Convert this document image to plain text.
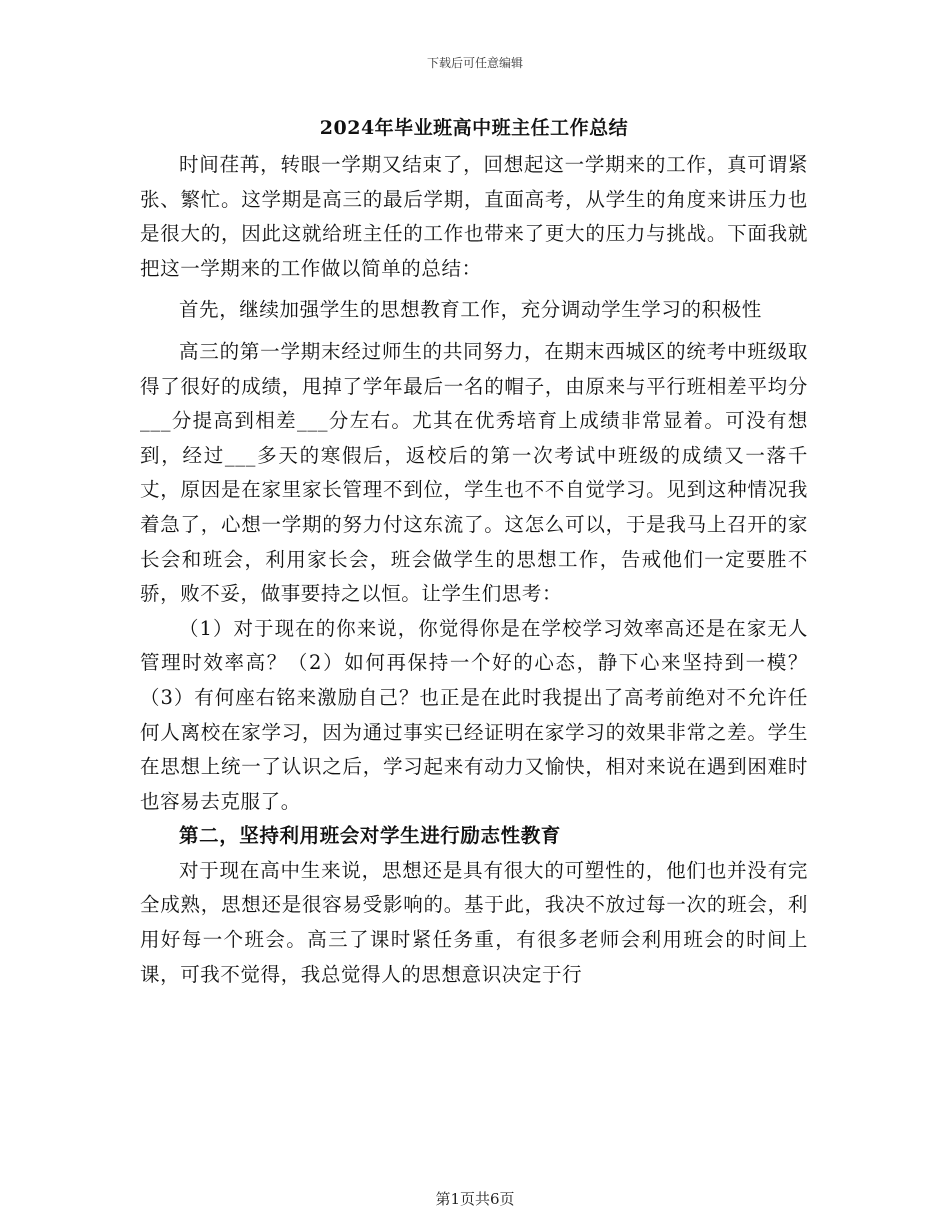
下载后可任意编辑
2024年毕业班高中班主任工作总结

时间荏苒，转眼一学期又结束了，回想起这一学期来的工作，真可谓紧张、繁忙。这学期是高三的最后学期，直面高考，从学生的角度来讲压力也是很大的，因此这就给班主任的工作也带来了更大的压力与挑战。下面我就把这一学期来的工作做以简单的总结：

首先，继续加强学生的思想教育工作，充分调动学生学习的积极性

高三的第一学期末经过师生的共同努力，在期末西城区的统考中班级取得了很好的成绩，甩掉了学年最后一名的帽子，由原来与平行班相差平均分___分提高到相差___分左右。尤其在优秀培育上成绩非常显着。可没有想到，经过___多天的寒假后，返校后的第一次考试中班级的成绩又一落千丈，原因是在家里家长管理不到位，学生也不不自觉学习。见到这种情况我着急了，心想一学期的努力付这东流了。这怎么可以，于是我马上召开的家长会和班会，利用家长会，班会做学生的思想工作，告戒他们一定要胜不骄，败不妥，做事要持之以恒。让学生们思考：

（1）对于现在的你来说，你觉得你是在学校学习效率高还是在家无人管理时效率高？（2）如何再保持一个好的心态，静下心来坚持到一模？（3）有何座右铭来激励自己？也正是在此时我提出了高考前绝对不允许任何人离校在家学习，因为通过事实已经证明在家学习的效果非常之差。学生在思想上统一了认识之后，学习起来有动力又愉快，相对来说在遇到困难时也容易去克服了。

第二，坚持利用班会对学生进行励志性教育

对于现在高中生来说，思想还是具有很大的可塑性的，他们也并没有完全成熟，思想还是很容易受影响的。基于此，我决不放过每一次的班会，利用好每一个班会。高三了课时紧任务重，有很多老师会利用班会的时间上课，可我不觉得，我总觉得人的思想意识决定于行

第1页共6页
